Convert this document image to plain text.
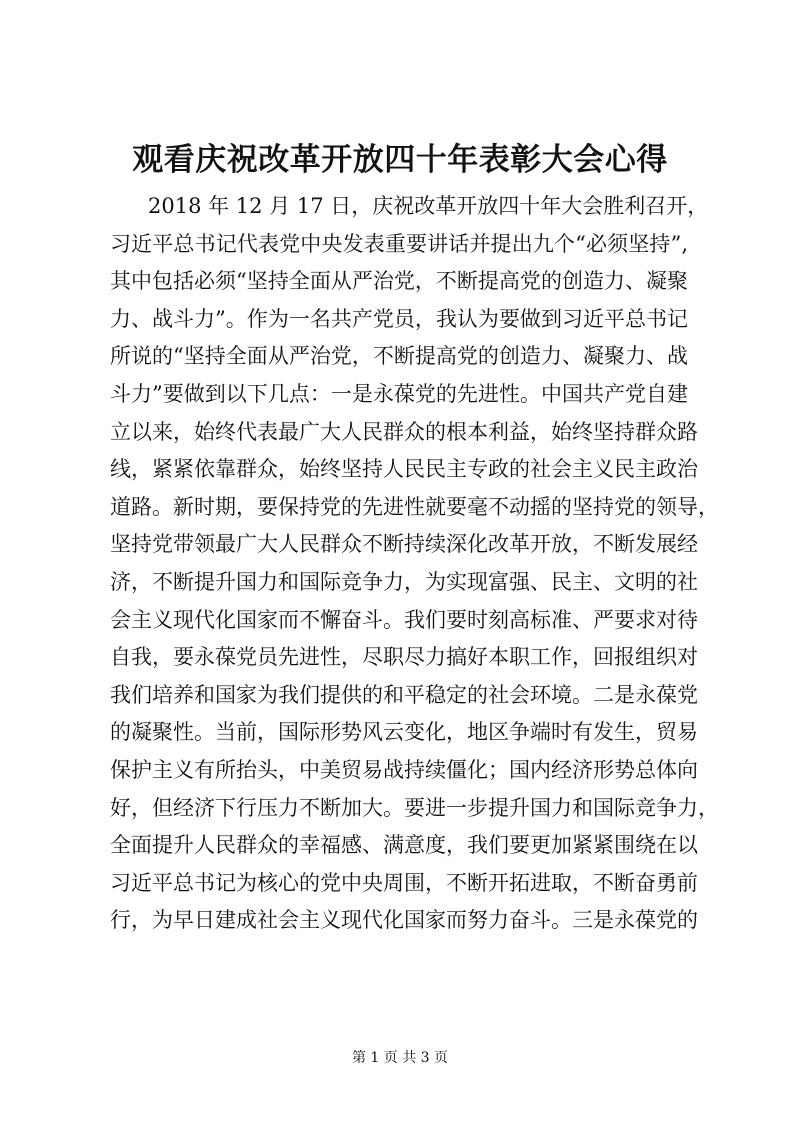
观看庆祝改革开放四十年表彰大会心得
2018 年 12 月 17 日，庆祝改革开放四十年大会胜利召开，
习近平总书记代表党中央发表重要讲话并提出九个“必须坚持”,
其中包括必须“坚持全面从严治党，不断提高党的创造力、凝聚
力、战斗力”。作为一名共产党员，我认为要做到习近平总书记
所说的“坚持全面从严治党，不断提高党的创造力、凝聚力、战
斗力”要做到以下几点：一是永葆党的先进性。中国共产党自建
立以来，始终代表最广大人民群众的根本利益，始终坚持群众路
线，紧紧依靠群众，始终坚持人民民主专政的社会主义民主政治
道路。新时期，要保持党的先进性就要毫不动摇的坚持党的领导，
坚持党带领最广大人民群众不断持续深化改革开放，不断发展经
济，不断提升国力和国际竞争力，为实现富强、民主、文明的社
会主义现代化国家而不懈奋斗。我们要时刻高标准、严要求对待
自我，要永葆党员先进性，尽职尽力搞好本职工作，回报组织对
我们培养和国家为我们提供的和平稳定的社会环境。二是永葆党
的凝聚性。当前，国际形势风云变化，地区争端时有发生，贸易
保护主义有所抬头，中美贸易战持续僵化；国内经济形势总体向
好，但经济下行压力不断加大。要进一步提升国力和国际竞争力，
全面提升人民群众的幸福感、满意度，我们要更加紧紧围绕在以
习近平总书记为核心的党中央周围，不断开拓进取，不断奋勇前
行，为早日建成社会主义现代化国家而努力奋斗。三是永葆党的
第 1 页 共 3 页
